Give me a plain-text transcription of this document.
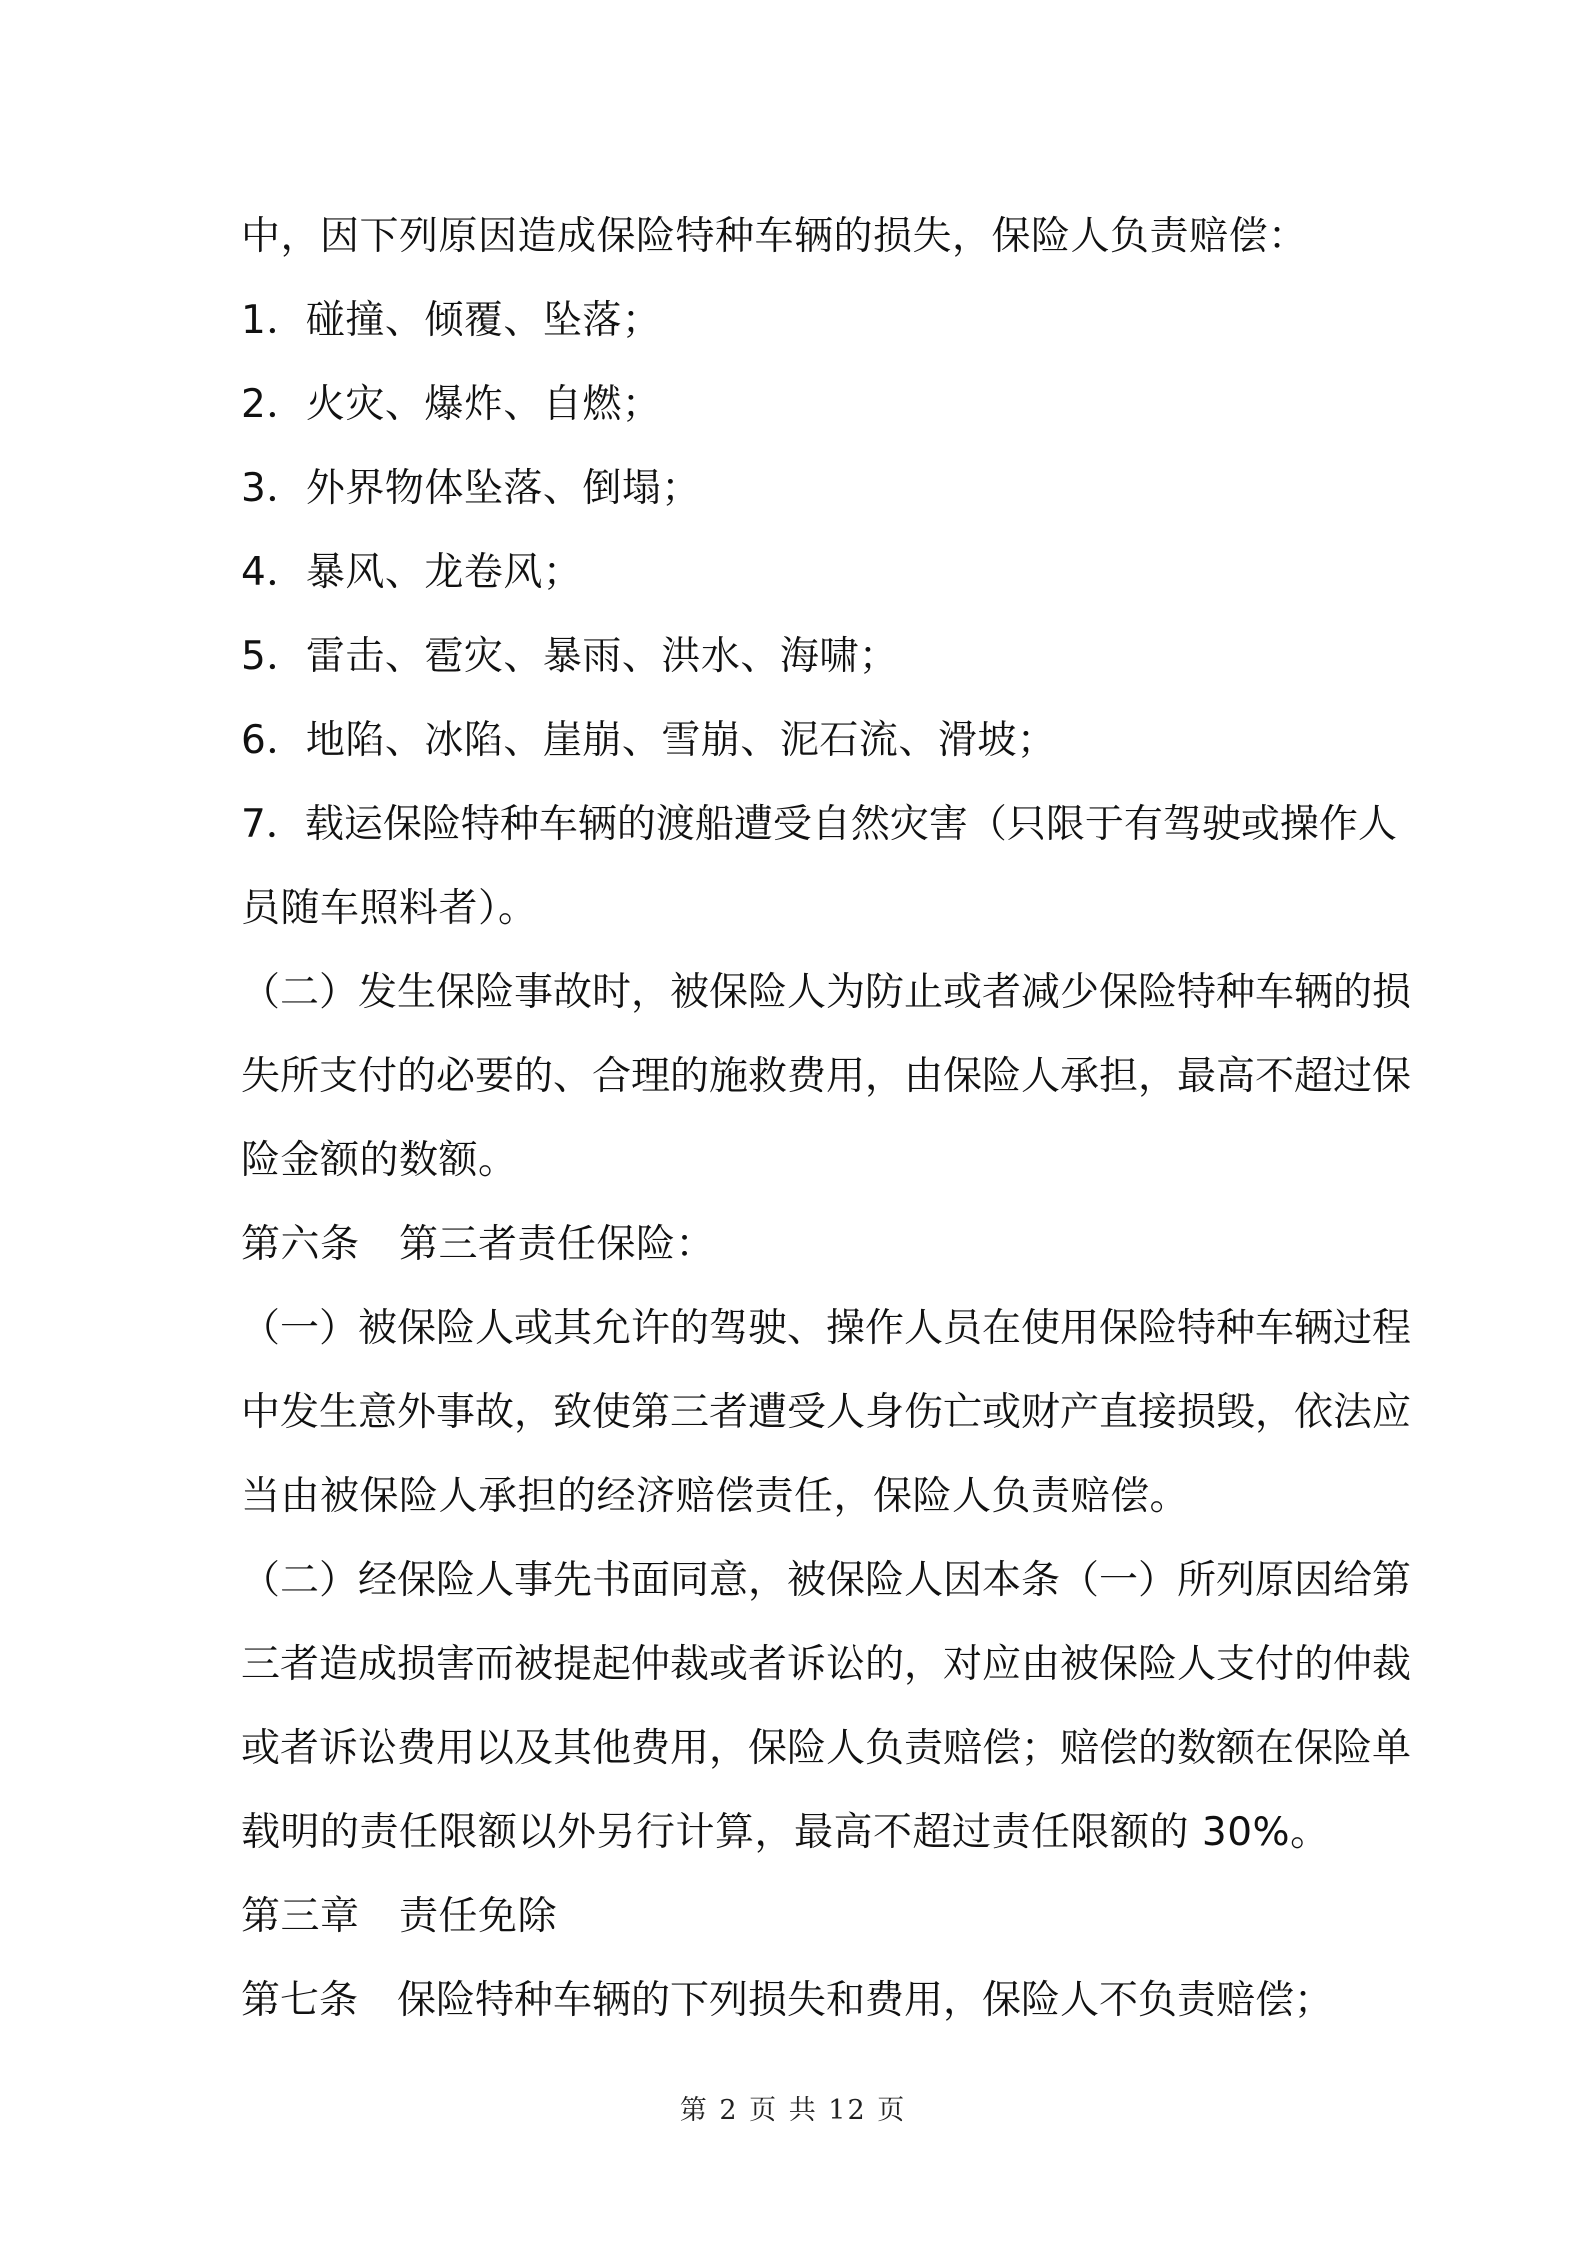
中，因下列原因造成保险特种车辆的损失，保险人负责赔偿：
1．碰撞、倾覆、坠落；
2．火灾、爆炸、自燃；
3．外界物体坠落、倒塌；
4．暴风、龙卷风；
5．雷击、雹灾、暴雨、洪水、海啸；
6．地陷、冰陷、崖崩、雪崩、泥石流、滑坡；
7．载运保险特种车辆的渡船遭受自然灾害（只限于有驾驶或操作人
员随车照料者）。
（二）发生保险事故时，被保险人为防止或者减少保险特种车辆的损
失所支付的必要的、合理的施救费用，由保险人承担，最高不超过保
险金额的数额。
第六条　第三者责任保险：
（一）被保险人或其允许的驾驶、操作人员在使用保险特种车辆过程
中发生意外事故，致使第三者遭受人身伤亡或财产直接损毁，依法应
当由被保险人承担的经济赔偿责任，保险人负责赔偿。
（二）经保险人事先书面同意，被保险人因本条（一）所列原因给第
三者造成损害而被提起仲裁或者诉讼的，对应由被保险人支付的仲裁
或者诉讼费用以及其他费用，保险人负责赔偿；赔偿的数额在保险单
载明的责任限额以外另行计算，最高不超过责任限额的 30%。
第三章　责任免除
第七条　保险特种车辆的下列损失和费用，保险人不负责赔偿；
第 2 页 共 12 页
